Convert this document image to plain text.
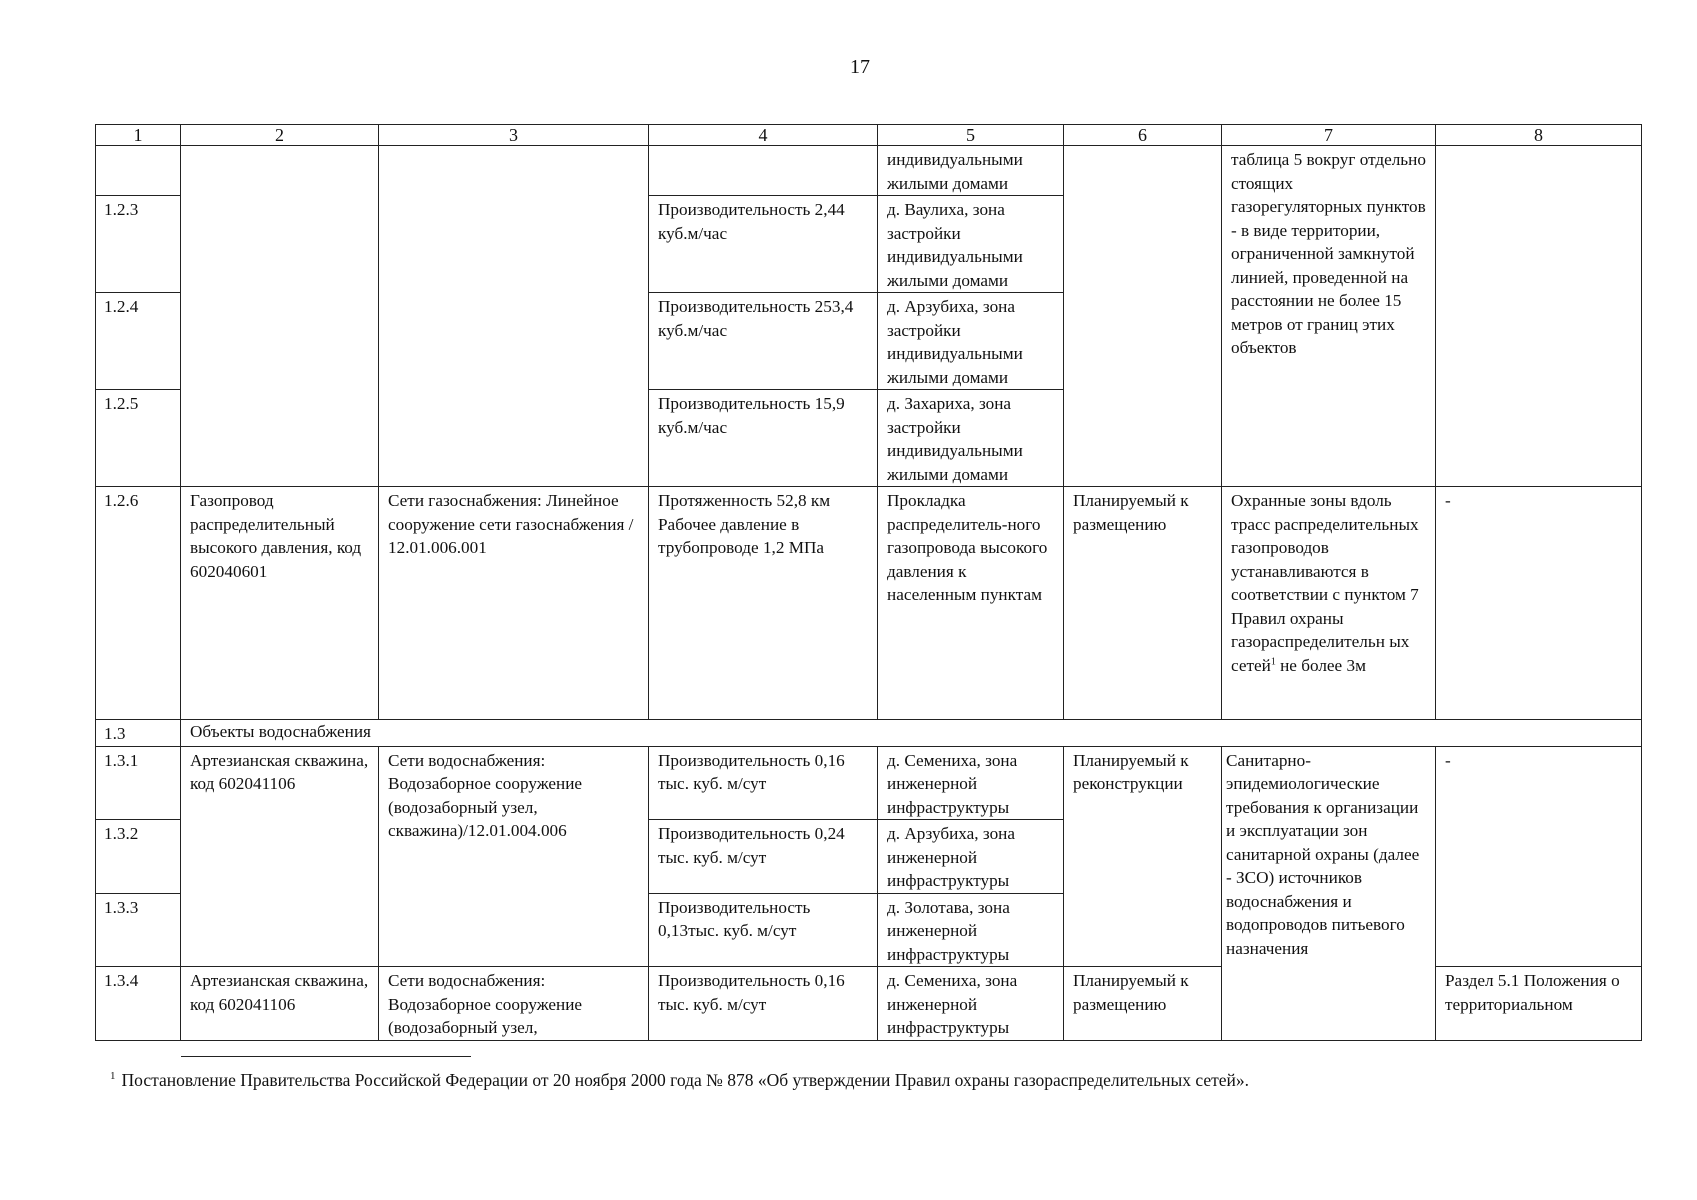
17
1	2	3	4	5	6	7	8
				индивидуальными жилыми домами		таблица 5 вокруг отдельно стоящих газорегуляторных пунктов - в виде территории, ограниченной замкнутой линией, проведенной на расстоянии не более 15 метров от границ этих объектов	
1.2.3			Производительность 2,44 куб.м/час	д. Ваулиха, зона застройки индивидуальными жилыми домами			
1.2.4			Производительность 253,4 куб.м/час	д. Арзубиха, зона застройки индивидуальными жилыми домами			
1.2.5			Производительность 15,9 куб.м/час	д. Захариха, зона застройки индивидуальными жилыми домами			
1.2.6	Газопровод распределительный высокого давления, код 602040601	Сети газоснабжения: Линейное сооружение сети газоснабжения / 12.01.006.001	Протяженность 52,8 км Рабочее давление в трубопроводе 1,2 МПа	Прокладка распределитель-ного газопровода высокого давления к населенным пунктам	Планируемый к размещению	Охранные зоны вдоль трасс распределительных газопроводов устанавливаются в соответствии с пунктом 7 Правил охраны газораспределительн ых сетей$^1$ не более 3м	-
1.3	Объекты водоснабжения						
1.3.1	Артезианская скважина, код 602041106	Сети водоснабжения: Водозаборное сооружение (водозаборный узел, скважина)/12.01.004.006	Производительность 0,16 тыс. куб. м/сут	д. Семениха, зона инженерной инфраструктуры	Планируемый к реконструкции	Санитарно-эпидемиологические требования к организации и эксплуатации зон санитарной охраны (далее - ЗСО) источников водоснабжения и водопроводов питьевого назначения	-
1.3.2			Производительность 0,24 тыс. куб. м/сут	д. Арзубиха, зона инженерной инфраструктуры			
1.3.3			Производительность 0,13тыс. куб. м/сут	д. Золотава, зона инженерной инфраструктуры			
1.3.4	Артезианская скважина, код 602041106	Сети водоснабжения: Водозаборное сооружение (водозаборный узел,	Производительность 0,16 тыс. куб. м/сут	д. Семениха, зона инженерной инфраструктуры	Планируемый к размещению		Раздел 5.1 Положения о территориальном
$^1$ Постановление Правительства Российской Федерации от 20 ноября 2000 года № 878 «Об утверждении Правил охраны газораспределительных сетей».
